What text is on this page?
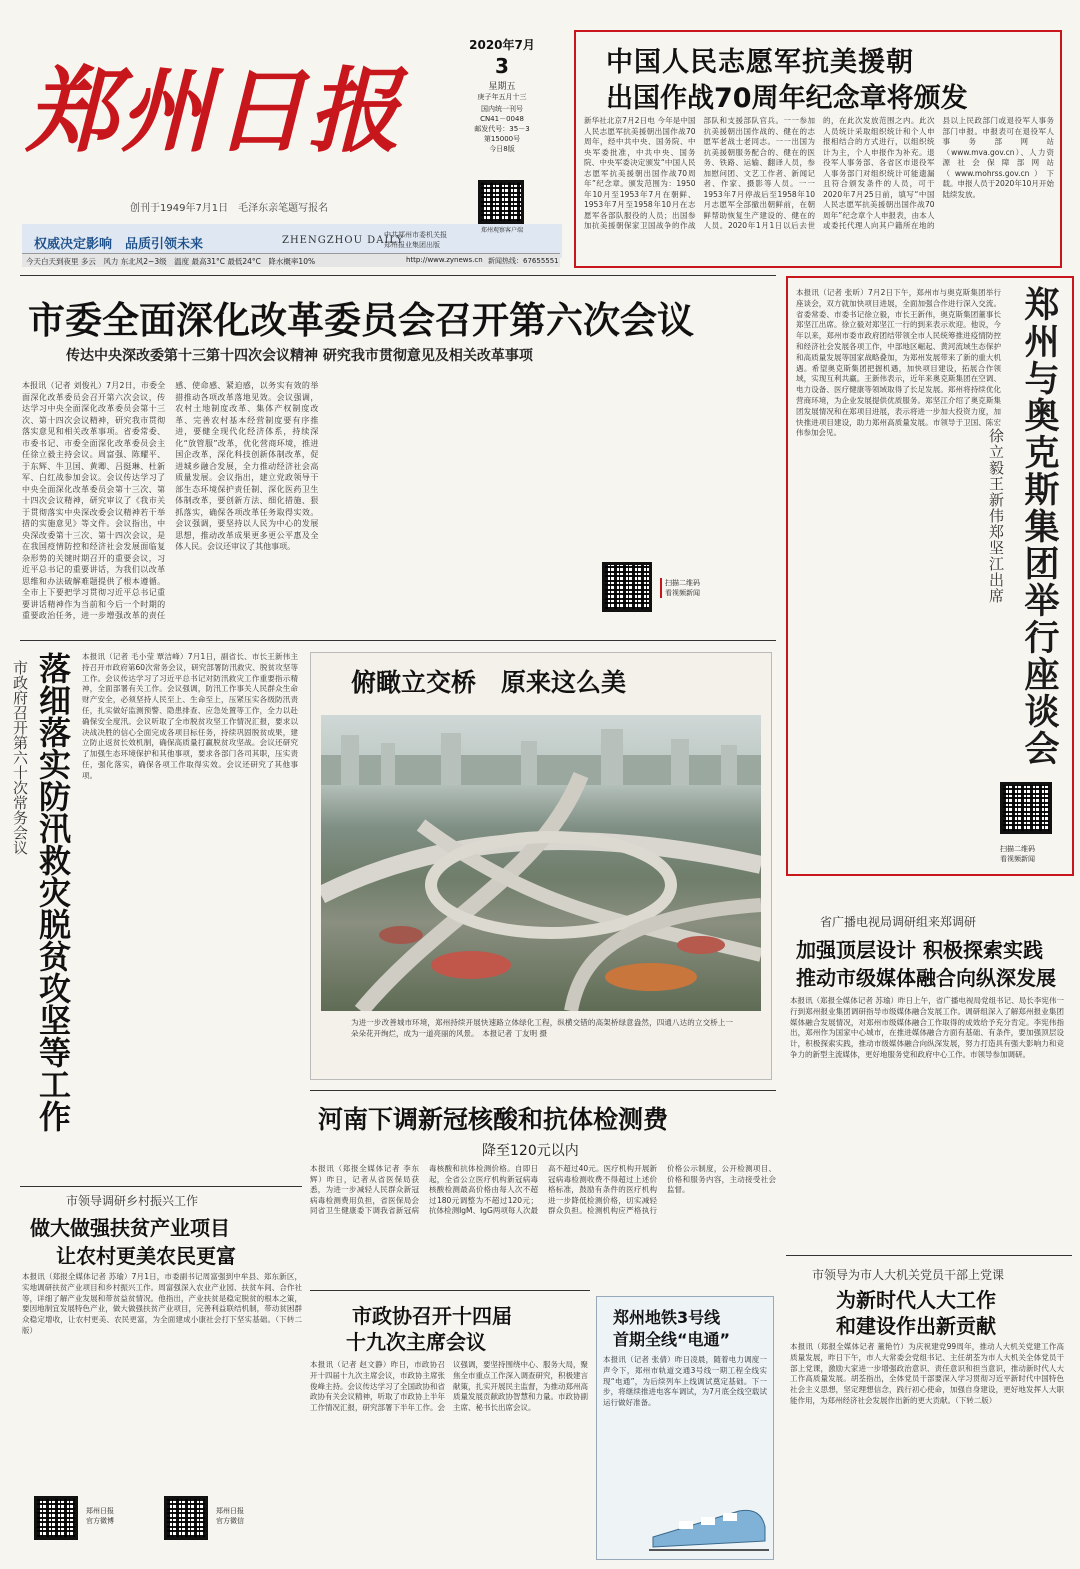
郑州日报
创刊于1949年7月1日　毛泽东亲笔题写报名
权威决定影响　品质引领未来	ZHENGZHOU DAILY
中共郑州市委机关报
郑州报业集团出版
2020年7月
3
星期五
庚子年五月十三
国内统一刊号
CN41－0048
邮发代号：35－3
第15000号
今日8版
郑州观察客户端
今天白天到夜里 多云　风力 东北风2~3级　温度 最高31°C 最低24°C　降水概率10%	http://www.zynews.cn 新闻热线：67655551
中国人民志愿军抗美援朝
出国作战70周年纪念章将颁发
新华社北京7月2日电 今年是中国人民志愿军抗美援朝出国作战70周年，经中共中央、国务院、中央军委批准，中共中央、国务院、中央军委决定颁发“中国人民志愿军抗美援朝出国作战70周年”纪念章。颁发范围为：1950年10月至1953年7月在朝鲜、1953年7月至1958年10月在志愿军各部队服役的人员；出国参加抗美援朝保家卫国战争的作战部队和支援部队官兵。一一参加抗美援朝出国作战的、健在的志愿军老战士老同志。一一出国为抗美援朝服务配合的、健在的医务、铁路、运输、翻译人员，参加慰问团、文艺工作者、新闻记者、作家、摄影等人员。一一1953年7月停战后至1958年10月志愿军全部撤出朝鲜前，在朝鲜帮助恢复生产建设的、健在的人员。2020年1月1日以后去世的，在此次发放范围之内。此次人员统计采取组织统计和个人申报相结合的方式进行，以组织统计为主，个人申报作为补充。退役军人事务部、各省区市退役军人事务部门对组织统计可能遗漏且符合颁发条件的人员，可于2020年7月25日前，填写“中国人民志愿军抗美援朝出国作战70周年”纪念章个人申报表，由本人或委托代理人向其户籍所在地的县以上民政部门或退役军人事务部门申报。申报表可在退役军人事务部网站（www.mva.gov.cn）、人力资源社会保障部网站（www.mohrss.gov.cn）下载。申报人员于2020年10月开始陆续发放。
市委全面深化改革委员会召开第六次会议
传达中央深改委第十三第十四次会议精神 研究我市贯彻意见及相关改革事项
本报讯（记者 刘俊礼）7月2日，市委全面深化改革委员会召开第六次会议，传达学习中央全面深化改革委员会第十三次、第十四次会议精神，研究我市贯彻落实意见和相关改革事项。省委常委、市委书记、市委全面深化改革委员会主任徐立毅主持会议。周富强、陈耀平、于东辉、牛卫国、黄卿、吕挺琳、杜新军、白红战参加会议。会议传达学习了中央全面深化改革委员会第十三次、第十四次会议精神，研究审议了《我市关于贯彻落实中央深改委会议精神若干举措的实施意见》等文件。会议指出，中央深改委第十三次、第十四次会议，是在我国疫情防控和经济社会发展面临复杂形势的关键时期召开的重要会议，习近平总书记的重要讲话，为我们以改革思维和办法破解难题提供了根本遵循。全市上下要把学习贯彻习近平总书记重要讲话精神作为当前和今后一个时期的重要政治任务，进一步增强改革的责任感、使命感、紧迫感，以务实有效的举措推动各项改革落地见效。会议强调，农村土地制度改革、集体产权制度改革、完善农村基本经营制度要有序推进，要健全现代化经济体系，持续深化“放管服”改革，优化营商环境，推进国企改革，深化科技创新体制改革，促进城乡融合发展，全力推动经济社会高质量发展。会议指出，建立党政领导干部生态环境保护责任制、深化医药卫生体制改革，要创新方法、细化措施、狠抓落实，确保各项改革任务取得实效。会议强调，要坚持以人民为中心的发展思想，推动改革成果更多更公平惠及全体人民。会议还审议了其他事项。
扫描二维码
看视频新闻
本报讯（记者 张昕）7月2日下午，郑州市与奥克斯集团举行座谈会，双方就加快项目进展，全面加强合作进行深入交流。省委常委、市委书记徐立毅，市长王新伟，奥克斯集团董事长郑坚江出席。徐立毅对郑坚江一行的到来表示欢迎。他说，今年以来，郑州市委市政府团结带领全市人民统筹推进疫情防控和经济社会发展各项工作，中部地区崛起、黄河流域生态保护和高质量发展等国家战略叠加，为郑州发展带来了新的重大机遇。希望奥克斯集团把握机遇，加快项目建设，拓展合作领域，实现互利共赢。王新伟表示，近年来奥克斯集团在空调、电力设备、医疗健康等领域取得了长足发展。郑州将持续优化营商环境，为企业发展提供优质服务。郑坚江介绍了奥克斯集团发展情况和在郑项目进展，表示将进一步加大投资力度，加快推进项目建设，助力郑州高质量发展。市领导于卫国、陈宏伟参加会见。	郑州与奥克斯集团举行座谈会
徐立毅王新伟郑坚江出席
扫描二维码
看视频新闻
市政府召开第六十次常务会议 落细落实防汛救灾脱贫攻坚等工作 本报讯（记者 毛小莹 覃洁峰）7月1日，副省长、市长王新伟主持召开市政府第60次常务会议，研究部署防汛救灾、脱贫攻坚等工作。会议传达学习了习近平总书记对防汛救灾工作重要指示精神，全面部署有关工作。会议强调，防汛工作事关人民群众生命财产安全，必须坚持人民至上、生命至上，压紧压实各级防汛责任，扎实做好监测预警、隐患排查、应急处置等工作，全力以赴确保安全度汛。会议听取了全市脱贫攻坚工作情况汇报，要求以决战决胜的信心全面完成各项目标任务，持续巩固脱贫成果，建立防止返贫长效机制，确保高质量打赢脱贫攻坚战。会议还研究了加强生态环境保护和其他事项，要求各部门各司其职，压实责任，强化落实，确保各项工作取得实效。会议还研究了其他事项。
俯瞰立交桥　原来这么美
为进一步改善城市环境，郑州持续开展快速路立体绿化工程，纵横交错的高架桥绿意盎然，四通八达的立交桥上一朵朵花开绚烂，成为一道亮丽的风景。　本报记者 丁友明 摄
省广播电视局调研组来郑调研
加强顶层设计 积极探索实践
推动市级媒体融合向纵深发展
本报讯（郑报全媒体记者 苏瑜）昨日上午，省广播电视局党组书记、局长李宪伟一行到郑州报业集团调研指导市级媒体融合发展工作。调研组深入了解郑州报业集团媒体融合发展情况，对郑州市级媒体融合工作取得的成效给予充分肯定。李宪伟指出，郑州作为国家中心城市，在推进媒体融合方面有基础、有条件，要加强顶层设计，积极探索实践，推动市级媒体融合向纵深发展，努力打造具有强大影响力和竞争力的新型主流媒体，更好地服务党和政府中心工作。市领导参加调研。
河南下调新冠核酸和抗体检测费
降至120元以内
本报讯（郑报全媒体记者 李东辉）昨日，记者从省医保局获悉，为进一步减轻人民群众新冠病毒检测费用负担，省医保局会同省卫生健康委下调我省新冠病毒核酸和抗体检测价格。自即日起，全省公立医疗机构新冠病毒核酸检测最高价格由每人次不超过180元调整为不超过120元；抗体检测IgM、IgG两项每人次最高不超过40元。医疗机构开展新冠病毒检测收费不得超过上述价格标准，鼓励有条件的医疗机构进一步降低检测价格，切实减轻群众负担。检测机构应严格执行价格公示制度，公开检测项目、价格和服务内容，主动接受社会监督。
市领导调研乡村振兴工作
做大做强扶贫产业项目
让农村更美农民更富
本报讯（郑报全媒体记者 苏瑜）7月1日，市委副书记周富强到中牟县、郑东新区，实地调研扶贫产业项目和乡村振兴工作。周富强深入农业产业园、扶贫车间、合作社等，详细了解产业发展和带贫益贫情况。他指出，产业扶贫是稳定脱贫的根本之策，要因地制宜发展特色产业，做大做强扶贫产业项目，完善利益联结机制，带动贫困群众稳定增收，让农村更美、农民更富，为全面建成小康社会打下坚实基础。（下转二版）
郑州日报
官方微博
郑州日报
官方微信
市政协召开十四届
十九次主席会议
本报讯（记者 赵文静）昨日，市政协召开十四届十九次主席会议，市政协主席张俊峰主持。会议传达学习了全国政协和省政协有关会议精神，听取了市政协上半年工作情况汇报，研究部署下半年工作。会议强调，要坚持围绕中心、服务大局，聚焦全市重点工作深入调查研究，积极建言献策，扎实开展民主监督，为推动郑州高质量发展贡献政协智慧和力量。市政协副主席、秘书长出席会议。
郑州地铁3号线
首期全线“电通”
本报讯（记者 张倩）昨日凌晨，随着电力调度一声令下，郑州市轨道交通3号线一期工程全线实现“电通”，为后续列车上线调试奠定基础。下一步，将继续推进电客车调试，为7月底全线空载试运行做好准备。
市领导为市人大机关党员干部上党课
为新时代人大工作
和建设作出新贡献
本报讯（郑报全媒体记者 董艳竹）为庆祝建党99周年，推动人大机关党建工作高质量发展，昨日下午，市人大常委会党组书记、主任胡荃为市人大机关全体党员干部上党课，激励大家进一步增强政治意识、责任意识和担当意识，推动新时代人大工作高质量发展。胡荃指出，全体党员干部要深入学习贯彻习近平新时代中国特色社会主义思想，坚定理想信念，践行初心使命，加强自身建设，更好地发挥人大职能作用，为郑州经济社会发展作出新的更大贡献。（下转二版）
